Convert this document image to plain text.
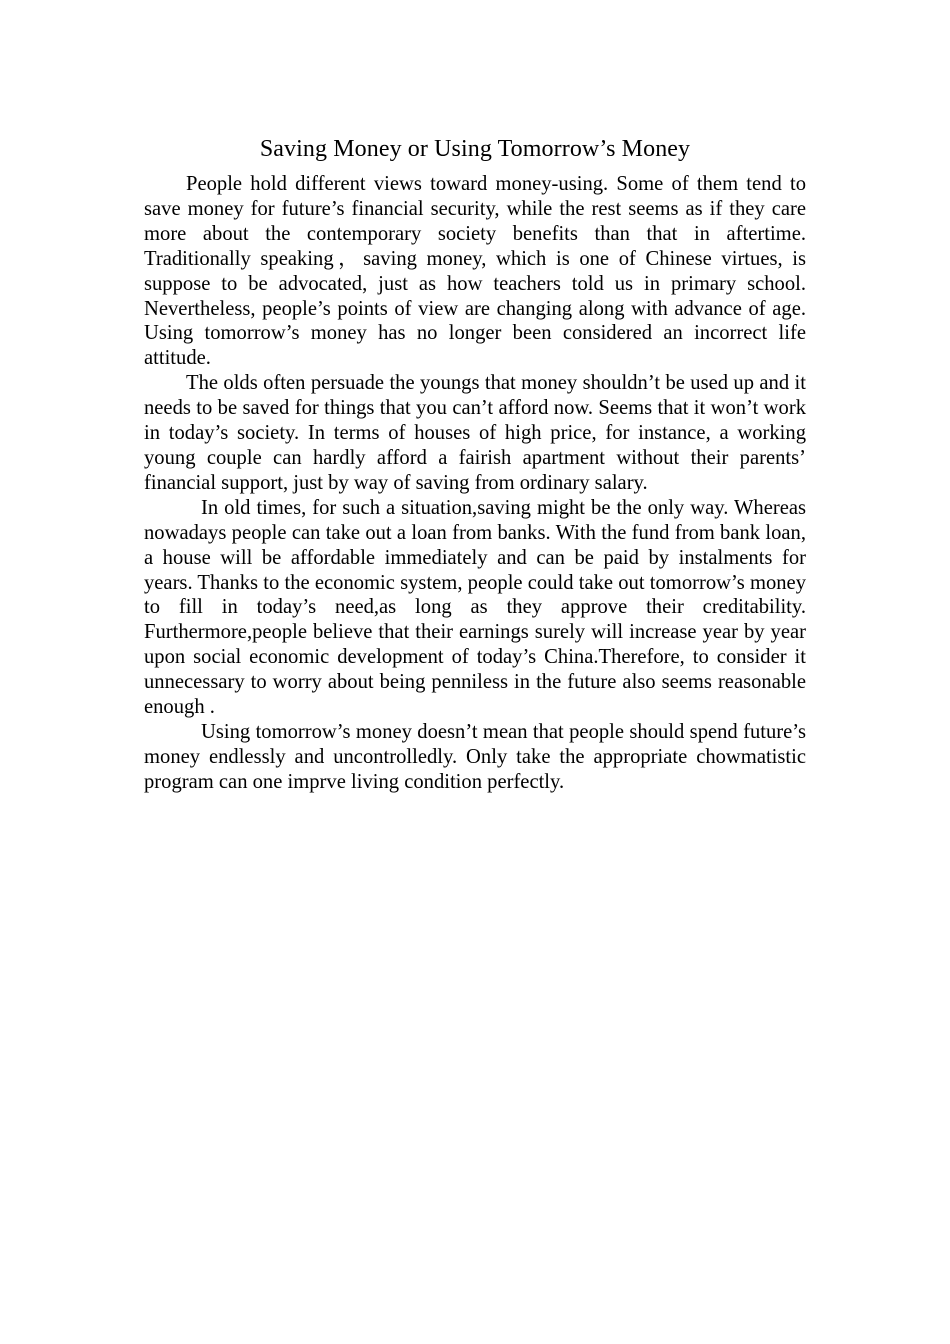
Saving Money or Using Tomorrow’s Money

People hold different views toward money-using. Some of them tend to save money for future’s financial security, while the rest seems as if they care more about the contemporary society benefits than that in aftertime. Traditionally speaking，saving money, which is one of Chinese virtues, is suppose to be advocated, just as how teachers told us in primary school. Nevertheless, people’s points of view are changing along with advance of age. Using tomorrow’s money has no longer been considered an incorrect life attitude.

The olds often persuade the youngs that money shouldn’t be used up and it needs to be saved for things that you can’t afford now. Seems that it won’t work in today’s society. In terms of houses of high price, for instance, a working young couple can hardly afford a fairish apartment without their parents’ financial support, just by way of saving from ordinary salary.

In old times, for such a situation,saving might be the only way. Whereas nowadays people can take out a loan from banks. With the fund from bank loan, a house will be affordable immediately and can be paid by instalments for years. Thanks to the economic system, people could take out tomorrow’s money to fill in today’s need,as long as they approve their creditability. Furthermore,people believe that their earnings surely will increase year by year upon social economic development of today’s China.Therefore, to consider it unnecessary to worry about being penniless in the future also seems reasonable enough .

Using tomorrow’s money doesn’t mean that people should spend future’s money endlessly and uncontrolledly. Only take the appropriate chowmatistic program can one imprve living condition perfectly.
